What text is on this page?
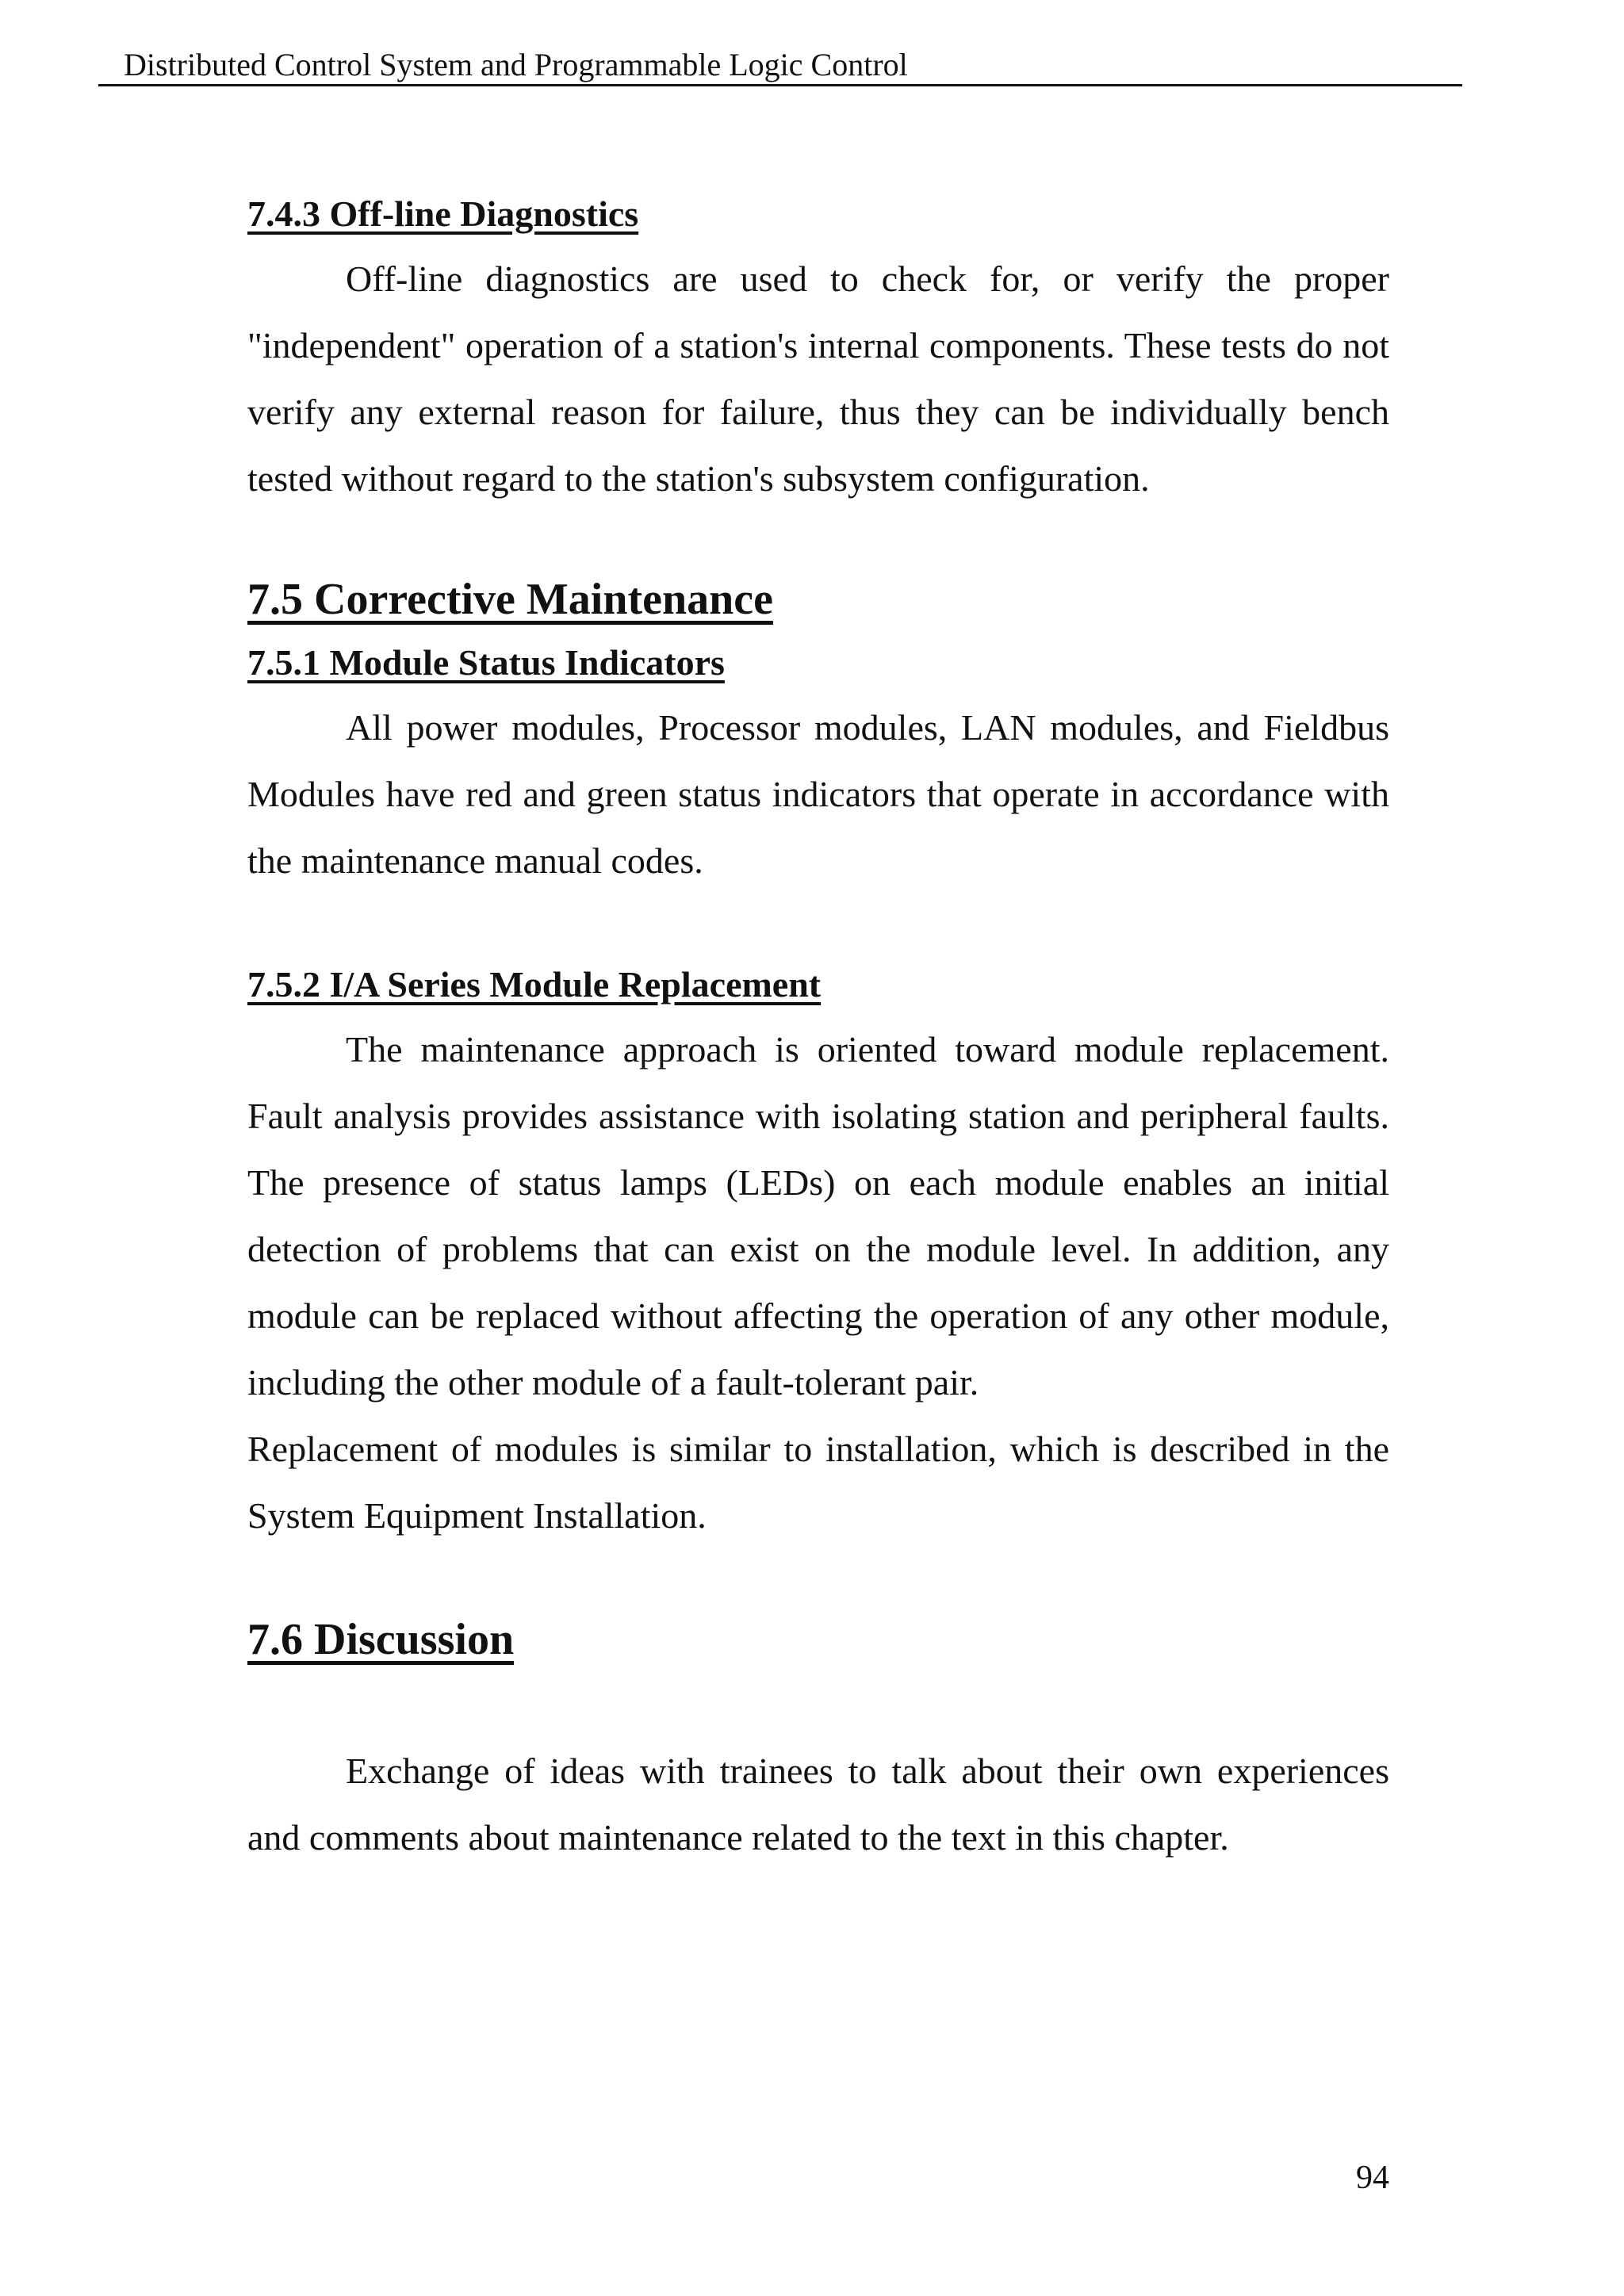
Distributed Control System and Programmable Logic Control
7.4.3 Off-line Diagnostics

Off-line diagnostics are used to check for, or verify the proper "independent" operation of a station's internal components. These tests do not verify any external reason for failure, thus they can be individually bench tested without regard to the station's subsystem configuration.

7.5 Corrective Maintenance
7.5.1 Module Status Indicators

All power modules, Processor modules, LAN modules, and Fieldbus Modules have red and green status indicators that operate in accordance with the maintenance manual codes.

7.5.2 I/A Series Module Replacement

The maintenance approach is oriented toward module replacement. Fault analysis provides assistance with isolating station and peripheral faults. The presence of status lamps (LEDs) on each module enables an initial detection of problems that can exist on the module level. In addition, any module can be replaced without affecting the operation of any other module, including the other module of a fault-tolerant pair.

Replacement of modules is similar to installation, which is described in the System Equipment Installation.

7.6 Discussion

Exchange of ideas with trainees to talk about their own experiences and comments about maintenance related to the text in this chapter.

94
